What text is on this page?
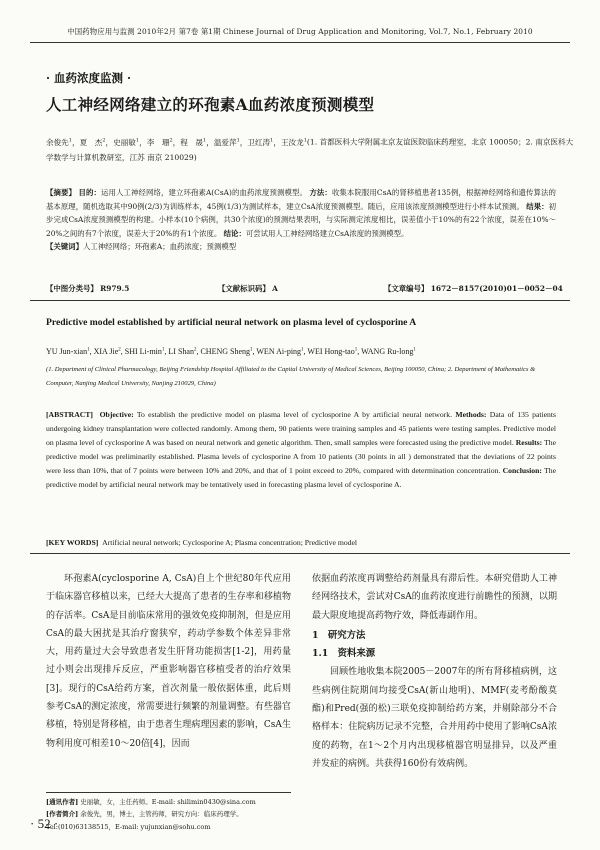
中国药物应用与监测 2010年2月 第7卷 第1期 Chinese Journal of Drug Application and Monitoring, Vol.7, No.1, February 2010
· 血药浓度监测 ·
人工神经网络建立的环孢素A血药浓度预测模型
余俊先$^1$，夏　杰$^2$，史丽敏$^1$，李　珊$^2$，程　晟$^1$，温爱萍$^1$，卫红涛$^1$，王汝龙$^1$(1. 首都医科大学附属北京友谊医院临床药理室，北京 100050；2. 南京医科大学数学与计算机教研室，江苏 南京 210029)
【摘要】 目的：运用人工神经网络，建立环孢素A(CsA)的血药浓度预测模型。 方法：收集本院服用CsA的肾移植患者135例，根据神经网络和遗传算法的基本原理，随机选取其中90例(2/3)为训练样本，45例(1/3)为测试样本，建立CsA浓度预测模型。随后，应用该浓度预测模型进行小样本试预测。 结果：初步完成CsA浓度预测模型的构建。小样本(10个病例，共30个浓度)的预测结果表明，与实际测定浓度相比，误差值小于10%的有22个浓度，误差在10%～20%之间的有7个浓度，误差大于20%的有1个浓度。 结论：可尝试用人工神经网络建立CsA浓度的预测模型。
【关键词】人工神经网络；环孢素A；血药浓度；预测模型
【中图分类号】 R979.5	【文献标识码】 A	【文章编号】 1672－8157(2010)01－0052－04
Predictive model established by artificial neural network on plasma level of cyclosporine A
YU Jun-xian$^1$, XIA Jie$^2$, SHI $Li-\min^1$, LI Shan$^2$, CHENG Sheng$^1$, WEN Ai-ping$^1$, WEI Hong-tao$^1$, WANG Ru-long$^1$
(1. Department of Clinical Pharmacology, Beijing Friendship Hospital Affiliated to the Capital University of Medical Sciences, Beijing 100050, China; 2. Department of Mathematics & Computer, Nanjing Medical University, Nanjing 210029, China)
[ABSTRACT] Objective: To establish the predictive model on plasma level of cyclosporine A by artificial neural network. Methods: Data of 135 patients undergoing kidney transplantation were collected randomly. Among them, 90 patients were training samples and 45 patients were testing samples. Predictive model on plasma level of cyclosporine A was based on neural network and genetic algorithm. Then, small samples were forecasted using the predictive model. Results: The predictive model was preliminarily established. Plasma levels of cyclosporine A from 10 patients (30 points in all ) demonstrated that the deviations of 22 points were less than 10%, that of 7 points were between 10% and 20%, and that of 1 point exceed to 20%, compared with determination concentration. Conclusion: The predictive model by artificial neural network may be tentatively used in forecasting plasma level of cyclosporine A.
[KEY WORDS] Artificial neural network; Cyclosporine A; Plasma concentration; Predictive model

环孢素A(cyclosporine A, CsA)自上个世纪80年代应用于临床器官移植以来，已经大大提高了患者的生存率和移植物的存活率。CsA是目前临床常用的强效免疫抑制剂，但是应用CsA的最大困扰是其治疗窗狭窄，药动学参数个体差异非常大，用药量过大会导致患者发生肝肾功能损害[1-2]，用药量过小则会出现排斥反应，严重影响器官移植受者的治疗效果[3]。现行的CsA给药方案，首次剂量一般依据体重，此后则参考CsA的测定浓度，常需要进行频繁的剂量调整。有些器官移植，特别是肾移植，由于患者生理病理因素的影响，CsA生物利用度可相差10～20倍[4]，因而

依据血药浓度再调整给药剂量具有滞后性。本研究借助人工神经网络技术，尝试对CsA的血药浓度进行前瞻性的预测，以期最大限度地提高药物疗效，降低毒副作用。

1　研究方法
1.1　资料来源

回顾性地收集本院2005－2007年的所有肾移植病例，这些病例住院期间均接受CsA(新山地明)、MMF(麦考酚酸莫酯)和Pred(强的松)三联免疫抑制给药方案，并剔除部分不合格样本：住院病历记录不完整，合并用药中使用了影响CsA浓度的药物，在1～2个月内出现移植器官明显排异，以及严重并发症的病例。共获得160份有效病例。

[通讯作者] 史丽敏，女，主任药师。E-mail: shilimin0430@sina.com
[作者简介] 余俊先，男，博士，主管药师，研究方向：临床药理学。
Tel:(010)63138515，E-mail: yujunxian@sohu.com
· 52 ·
